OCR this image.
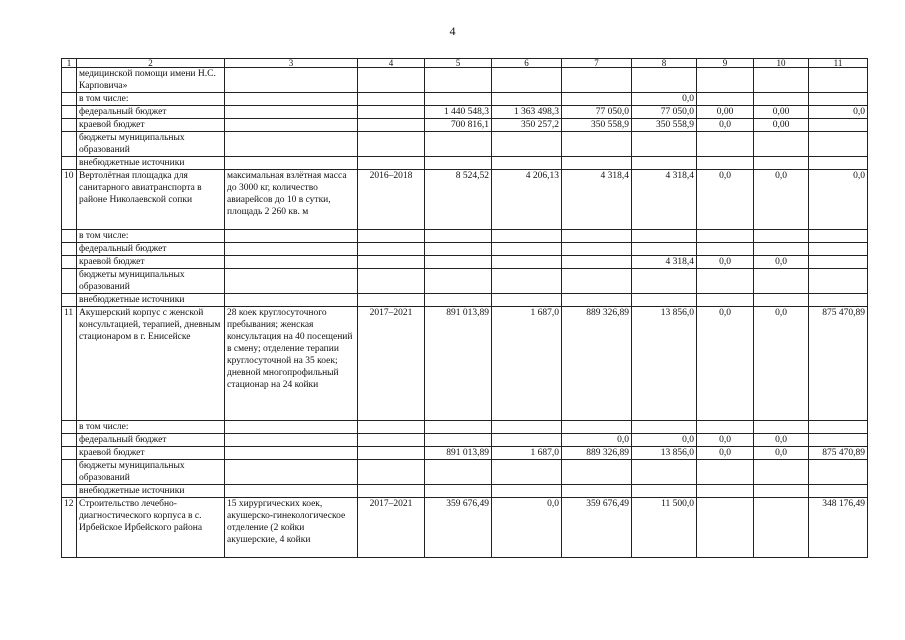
4
1	2	3	4	5	6	7	8	9	10	11
	медицинской помощи имени Н.С. Карповича»									
	в том числе:						0,0			
	федеральный бюджет			1 440 548,3	1 363 498,3	77 050,0	77 050,0	0,00	0,00	0,0
	краевой бюджет			700 816,1	350 257,2	350 558,9	350 558,9	0,0	0,00	
	бюджеты муниципальных образований									
	внебюджетные источники									
10	Вертолётная площадка для санитарного авиатранспорта в районе Николаевской сопки	максимальная взлётная масса до 3000 кг, количество авиарейсов до 10 в сутки, площадь 2 260 кв. м	2016–2018	8 524,52	4 206,13	4 318,4	4 318,4	0,0	0,0	0,0
	в том числе:									
	федеральный бюджет									
	краевой бюджет						4 318,4	0,0	0,0	
	бюджеты муниципальных образований									
	внебюджетные источники									
11	Акушерский корпус с женской консультацией, терапией, дневным стационаром в г. Енисейске	28 коек круглосуточного пребывания; женская консультация на 40 посещений в смену; отделение терапии круглосуточной на 35 коек; дневной многопрофильный стационар на 24 койки	2017–2021	891 013,89	1 687,0	889 326,89	13 856,0	0,0	0,0	875 470,89
	в том числе:									
	федеральный бюджет					0,0	0,0	0,0	0,0	
	краевой бюджет			891 013,89	1 687,0	889 326,89	13 856,0	0,0	0,0	875 470,89
	бюджеты муниципальных образований									
	внебюджетные источники									
12	Строительство лечебно-диагностического корпуса в с. Ирбейское Ирбейского района	15 хирургических коек, акушерско-гинекологическое отделение (2 койки акушерские, 4 койки	2017–2021	359 676,49	0,0	359 676,49	11 500,0			348 176,49
